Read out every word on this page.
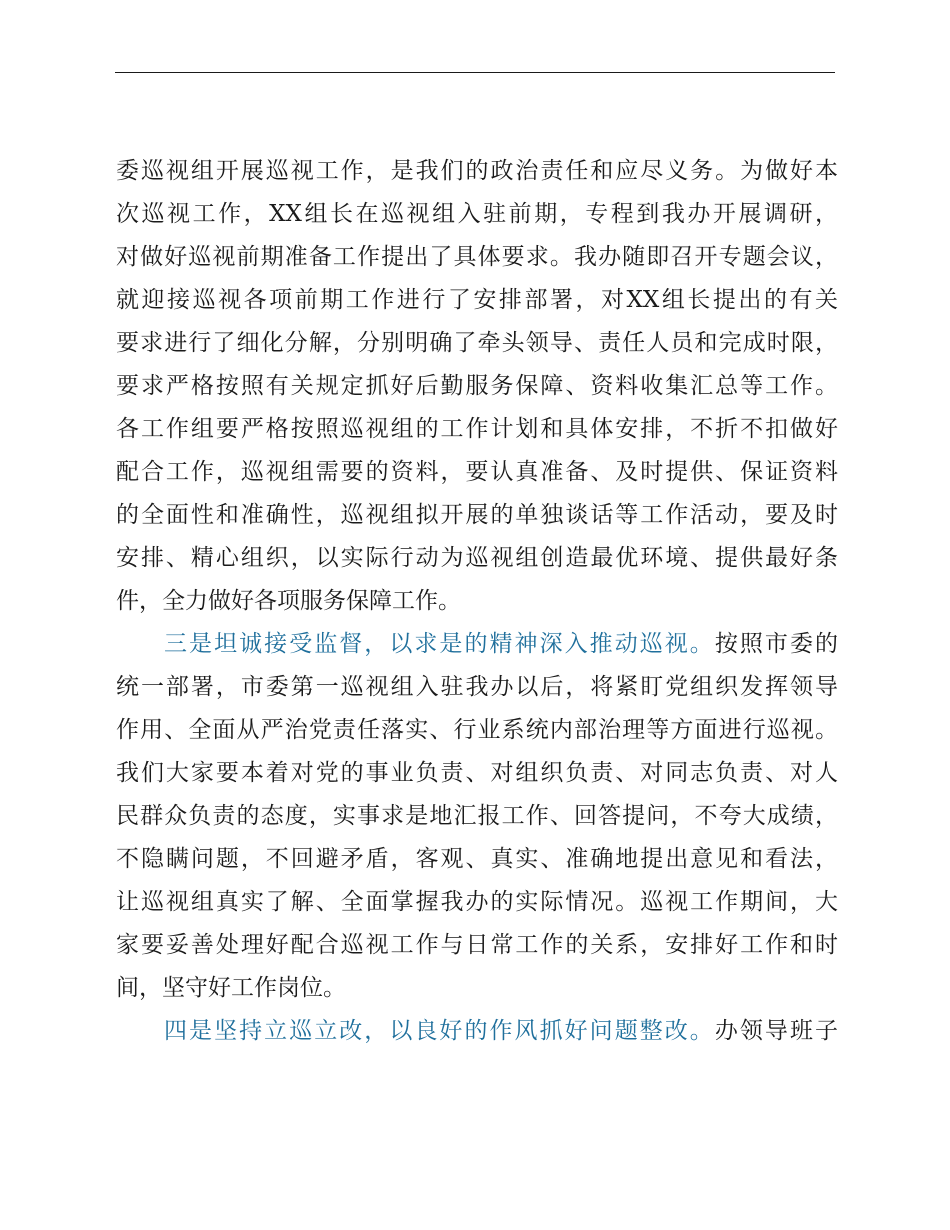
委巡视组开展巡视工作，是我们的政治责任和应尽义务。为做好本
次巡视工作，XX组长在巡视组入驻前期，专程到我办开展调研，
对做好巡视前期准备工作提出了具体要求。我办随即召开专题会议，
就迎接巡视各项前期工作进行了安排部署，对XX组长提出的有关
要求进行了细化分解，分别明确了牵头领导、责任人员和完成时限，
要求严格按照有关规定抓好后勤服务保障、资料收集汇总等工作。
各工作组要严格按照巡视组的工作计划和具体安排，不折不扣做好
配合工作，巡视组需要的资料，要认真准备、及时提供、保证资料
的全面性和准确性，巡视组拟开展的单独谈话等工作活动，要及时
安排、精心组织，以实际行动为巡视组创造最优环境、提供最好条
件，全力做好各项服务保障工作。
三是坦诚接受监督，以求是的精神深入推动巡视。按照市委的
统一部署，市委第一巡视组入驻我办以后，将紧盯党组织发挥领导
作用、全面从严治党责任落实、行业系统内部治理等方面进行巡视。
我们大家要本着对党的事业负责、对组织负责、对同志负责、对人
民群众负责的态度，实事求是地汇报工作、回答提问，不夸大成绩，
不隐瞒问题，不回避矛盾，客观、真实、准确地提出意见和看法，
让巡视组真实了解、全面掌握我办的实际情况。巡视工作期间，大
家要妥善处理好配合巡视工作与日常工作的关系，安排好工作和时
间，坚守好工作岗位。
四是坚持立巡立改，以良好的作风抓好问题整改。办领导班子
